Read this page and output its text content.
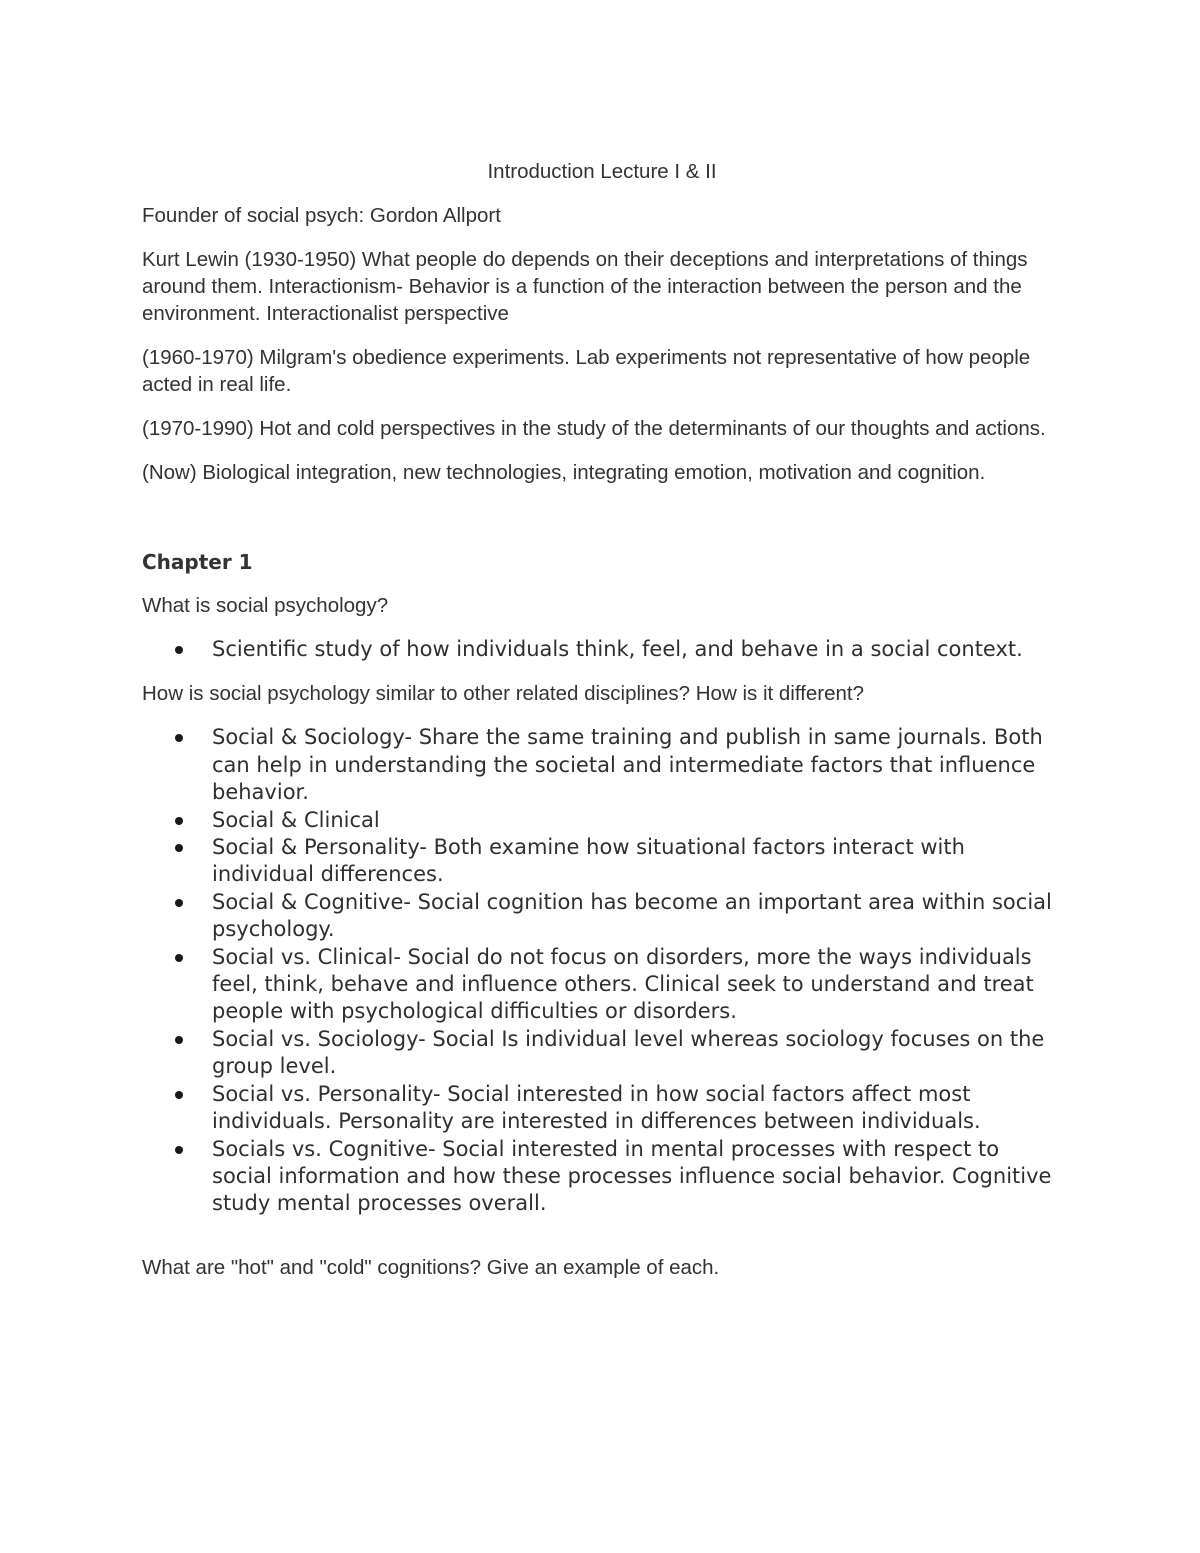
Introduction Lecture I & II

Founder of social psych: Gordon Allport

Kurt Lewin (1930-1950) What people do depends on their deceptions and interpretations of things around them. Interactionism- Behavior is a function of the interaction between the person and the environment. Interactionalist perspective

(1960-1970) Milgram's obedience experiments. Lab experiments not representative of how people acted in real life.

(1970-1990) Hot and cold perspectives in the study of the determinants of our thoughts and actions.

(Now) Biological integration, new technologies, integrating emotion, motivation and cognition.

Chapter 1

What is social psychology?

Scientific study of how individuals think, feel, and behave in a social context.

How is social psychology similar to other related disciplines? How is it different?

Social & Sociology- Share the same training and publish in same journals. Both can help in understanding the societal and intermediate factors that influence behavior.
Social & Clinical
Social & Personality- Both examine how situational factors interact with individual differences.
Social & Cognitive- Social cognition has become an important area within social psychology.
Social vs. Clinical- Social do not focus on disorders, more the ways individuals feel, think, behave and influence others. Clinical seek to understand and treat people with psychological difficulties or disorders.
Social vs. Sociology- Social Is individual level whereas sociology focuses on the group level.
Social vs. Personality- Social interested in how social factors affect most individuals. Personality are interested in differences between individuals.
Socials vs. Cognitive- Social interested in mental processes with respect to social information and how these processes influence social behavior. Cognitive study mental processes overall.

What are "hot" and "cold" cognitions? Give an example of each.
